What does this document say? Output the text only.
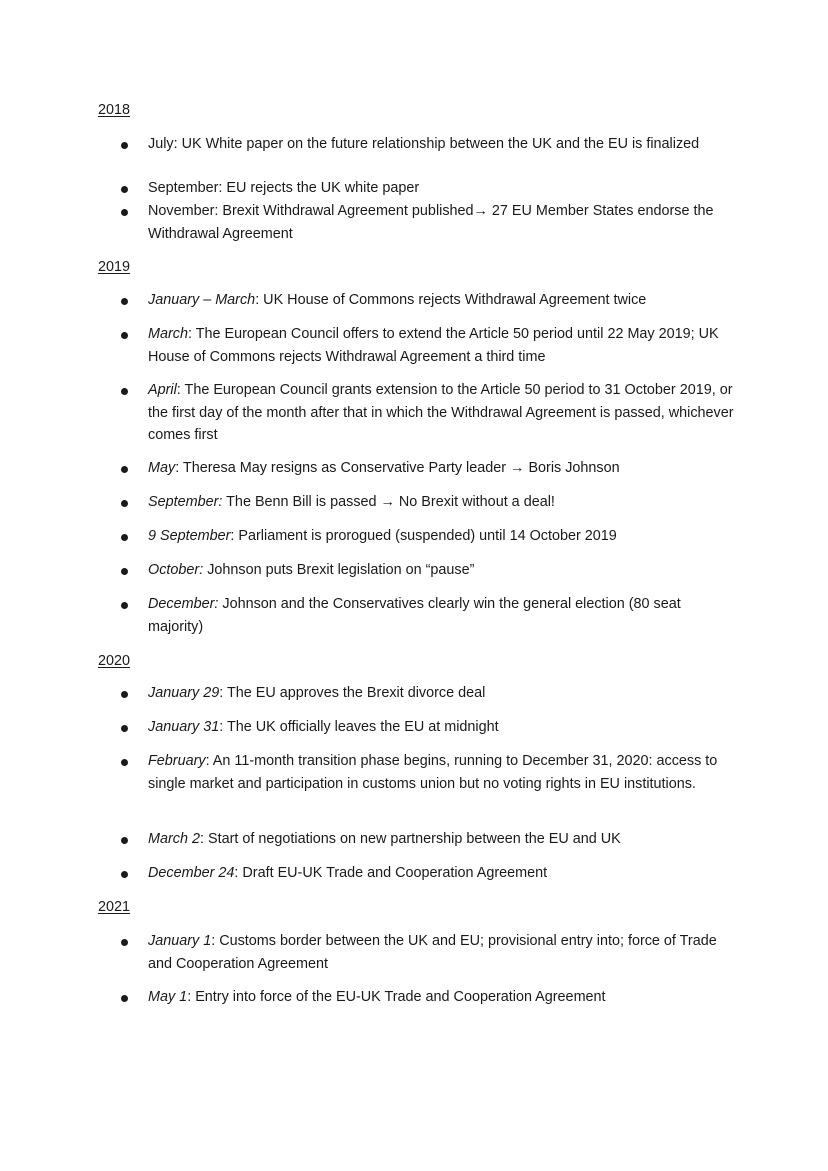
2018
July: UK White paper on the future relationship between the UK and the EU is finalized
September: EU rejects the UK white paper
November: Brexit Withdrawal Agreement published→ 27 EU Member States endorse the Withdrawal Agreement
2019
January – March: UK House of Commons rejects Withdrawal Agreement twice
March: The European Council offers to extend the Article 50 period until 22 May 2019; UK House of Commons rejects Withdrawal Agreement a third time
April: The European Council grants extension to the Article 50 period to 31 October 2019, or the first day of the month after that in which the Withdrawal Agreement is passed, whichever comes first
May: Theresa May resigns as Conservative Party leader → Boris Johnson
September: The Benn Bill is passed → No Brexit without a deal!
9 September: Parliament is prorogued (suspended) until 14 October 2019
October: Johnson puts Brexit legislation on “pause”
December: Johnson and the Conservatives clearly win the general election (80 seat majority)
2020
January 29: The EU approves the Brexit divorce deal
January 31: The UK officially leaves the EU at midnight
February: An 11-month transition phase begins, running to December 31, 2020: access to single market and participation in customs union but no voting rights in EU institutions.
March 2: Start of negotiations on new partnership between the EU and UK
December 24: Draft EU-UK Trade and Cooperation Agreement
2021
January 1: Customs border between the UK and EU; provisional entry into; force of Trade and Cooperation Agreement
May 1: Entry into force of the EU-UK Trade and Cooperation Agreement
